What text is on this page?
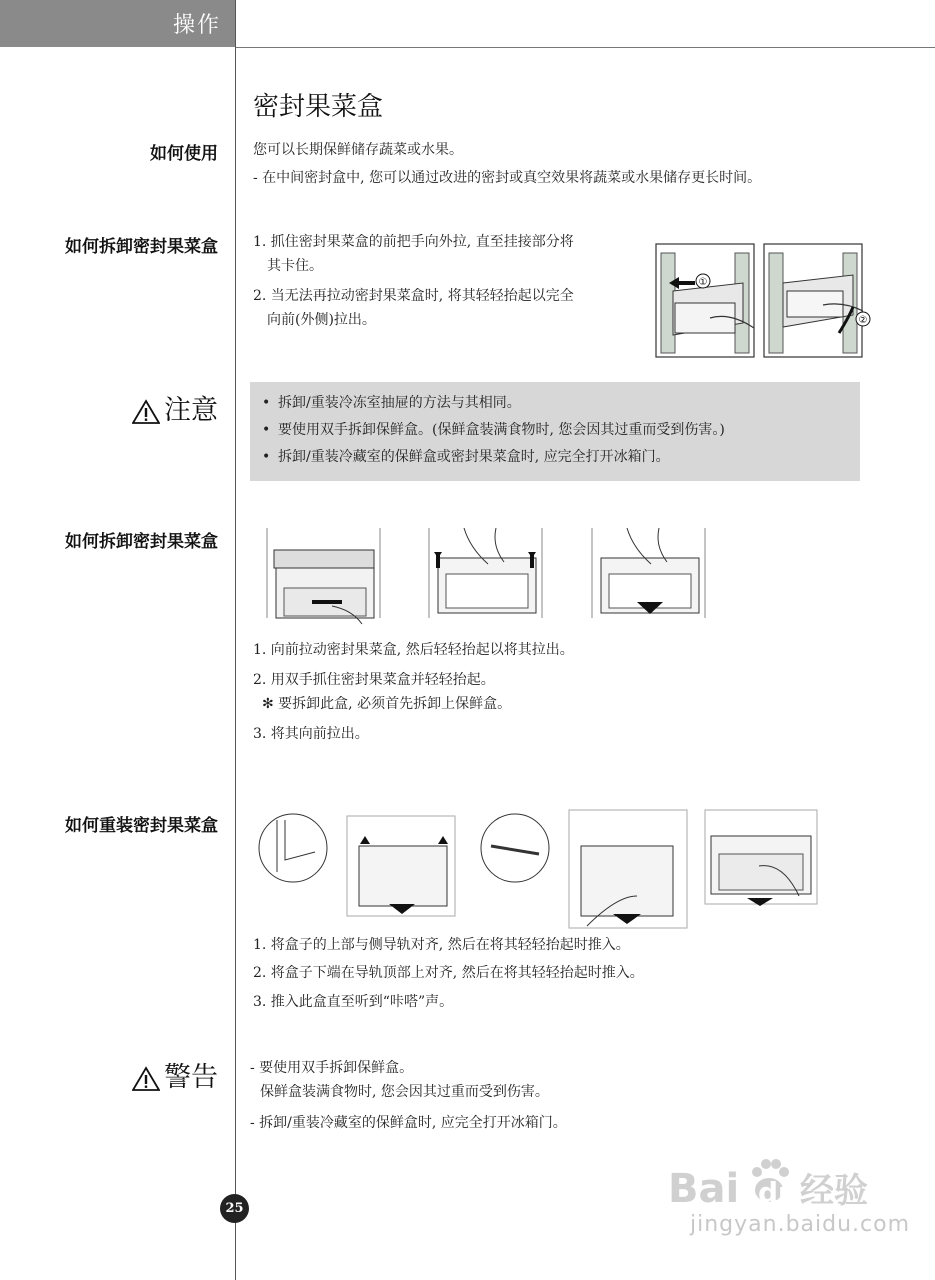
操作
密封果菜盒
如何使用	您可以长期保鲜储存蔬菜或水果。
- 在中间密封盒中, 您可以通过改进的密封或真空效果将蔬菜或水果储存更长时间。
如何拆卸密封果菜盒	1. 抓住密封果菜盒的前把手向外拉, 直至挂接部分将
其卡住。
2. 当无法再拉动密封果菜盒时, 将其轻轻抬起以完全
向前(外侧)拉出。
①
②
注意
•	拆卸/重装冷冻室抽屉的方法与其相同。
• 要使用双手拆卸保鲜盒。(保鲜盒装满食物时, 您会因其过重而受到伤害。)
• 拆卸/重装冷藏室的保鲜盒或密封果菜盒时, 应完全打开冰箱门。
如何拆卸密封果菜盒
1. 向前拉动密封果菜盒, 然后轻轻抬起以将其拉出。
2. 用双手抓住密封果菜盒并轻轻抬起。
✻ 要拆卸此盒, 必须首先拆卸上保鲜盒。
3. 将其向前拉出。
如何重装密封果菜盒
1. 将盒子的上部与侧导轨对齐, 然后在将其轻轻抬起时推入。
2. 将盒子下端在导轨顶部上对齐, 然后在将其轻轻抬起时推入。
3. 推入此盒直至听到“咔嗒”声。
警告 - 要使用双手拆卸保鲜盒。
保鲜盒装满食物时, 您会因其过重而受到伤害。
- 拆卸/重装冷藏室的保鲜盒时, 应完全打开冰箱门。
25	Bai du 经验
jingyan.baidu.com
